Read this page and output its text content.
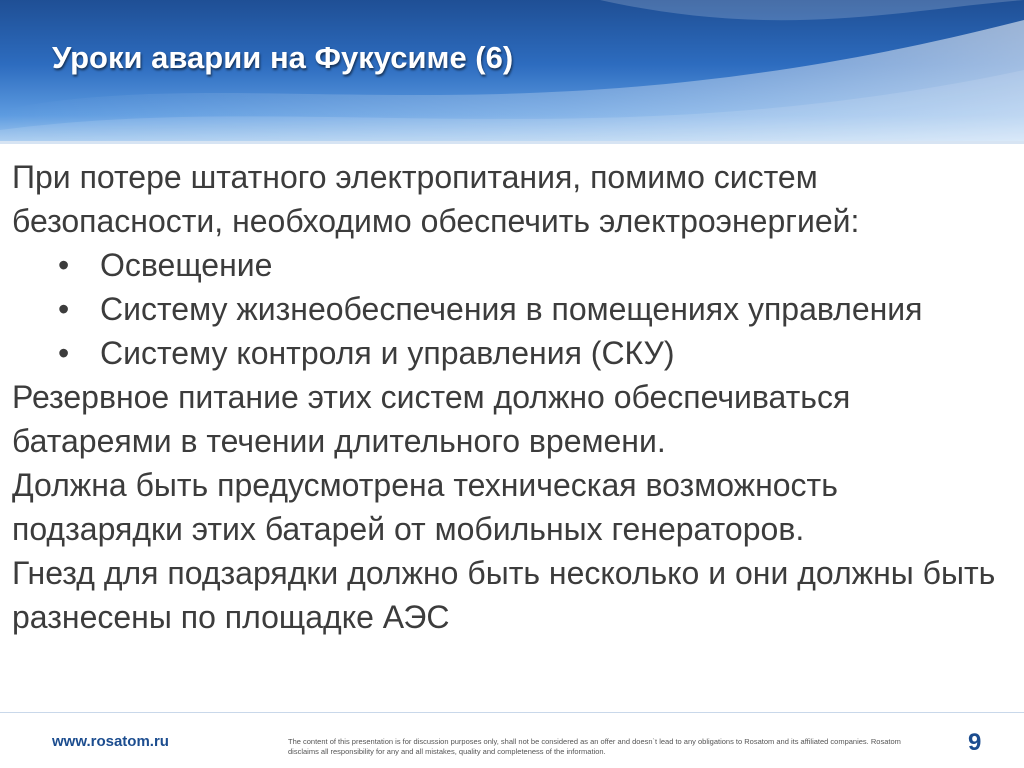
Уроки аварии на Фукусиме (6)

При потере штатного электропитания, помимо систем безопасности, необходимо обеспечить электроэнергией:

• Освещение
• Систему жизнеобеспечения в помещениях управления
• Систему контроля и управления (СКУ)

Резервное питание этих систем должно обеспечиваться батареями в течении длительного времени.

Должна быть предусмотрена техническая возможность подзарядки этих батарей от мобильных генераторов.

Гнезд для подзарядки должно быть несколько и они должны быть разнесены по площадке АЭС

www.rosatom.ru	The content of this presentation is for discussion purposes only, shall not be considered as an offer and doesn`t lead to any obligations to Rosatom and its affiliated companies. Rosatom disclaims all responsibility for any and all mistakes, quality and completeness of the information.	9
